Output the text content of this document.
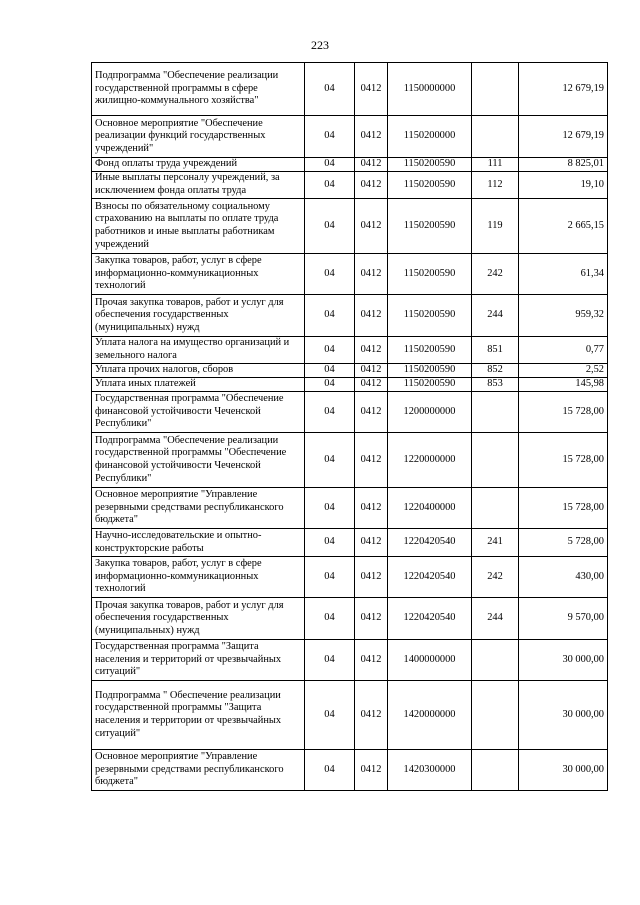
223
Подпрограмма "Обеспечение реализации государственной программы в сфере жилищно-коммунального хозяйства"	04	0412	1150000000		12 679,19
Основное мероприятие "Обеспечение реализации функций государственных учреждений"	04	0412	1150200000		12 679,19
Фонд оплаты труда учреждений	04	0412	1150200590	111	8 825,01
Иные выплаты персоналу учреждений, за исключением фонда оплаты труда	04	0412	1150200590	112	19,10
Взносы по обязательному социальному страхованию на выплаты по оплате труда работников и иные выплаты работникам учреждений	04	0412	1150200590	119	2 665,15
Закупка товаров, работ, услуг в сфере информационно-коммуникационных технологий	04	0412	1150200590	242	61,34
Прочая закупка товаров, работ и услуг для обеспечения государственных (муниципальных) нужд	04	0412	1150200590	244	959,32
Уплата налога на имущество организаций и земельного налога	04	0412	1150200590	851	0,77
Уплата прочих налогов, сборов	04	0412	1150200590	852	2,52
Уплата иных платежей	04	0412	1150200590	853	145,98
Государственная программа "Обеспечение финансовой устойчивости Чеченской Республики"	04	0412	1200000000		15 728,00
Подпрограмма "Обеспечение реализации государственной программы "Обеспечение финансовой устойчивости Чеченской Республики"	04	0412	1220000000		15 728,00
Основное мероприятие "Управление резервными средствами республиканского бюджета"	04	0412	1220400000		15 728,00
Научно-исследовательские и опытно-конструкторские работы	04	0412	1220420540	241	5 728,00
Закупка товаров, работ, услуг в сфере информационно-коммуникационных технологий	04	0412	1220420540	242	430,00
Прочая закупка товаров, работ и услуг для обеспечения государственных (муниципальных) нужд	04	0412	1220420540	244	9 570,00
Государственная программа "Защита населения и территорий от чрезвычайных ситуаций"	04	0412	1400000000		30 000,00
Подпрограмма " Обеспечение реализации государственной программы "Защита населения и территории от чрезвычайных ситуаций"	04	0412	1420000000		30 000,00
Основное мероприятие "Управление резервными средствами республиканского бюджета"	04	0412	1420300000		30 000,00
